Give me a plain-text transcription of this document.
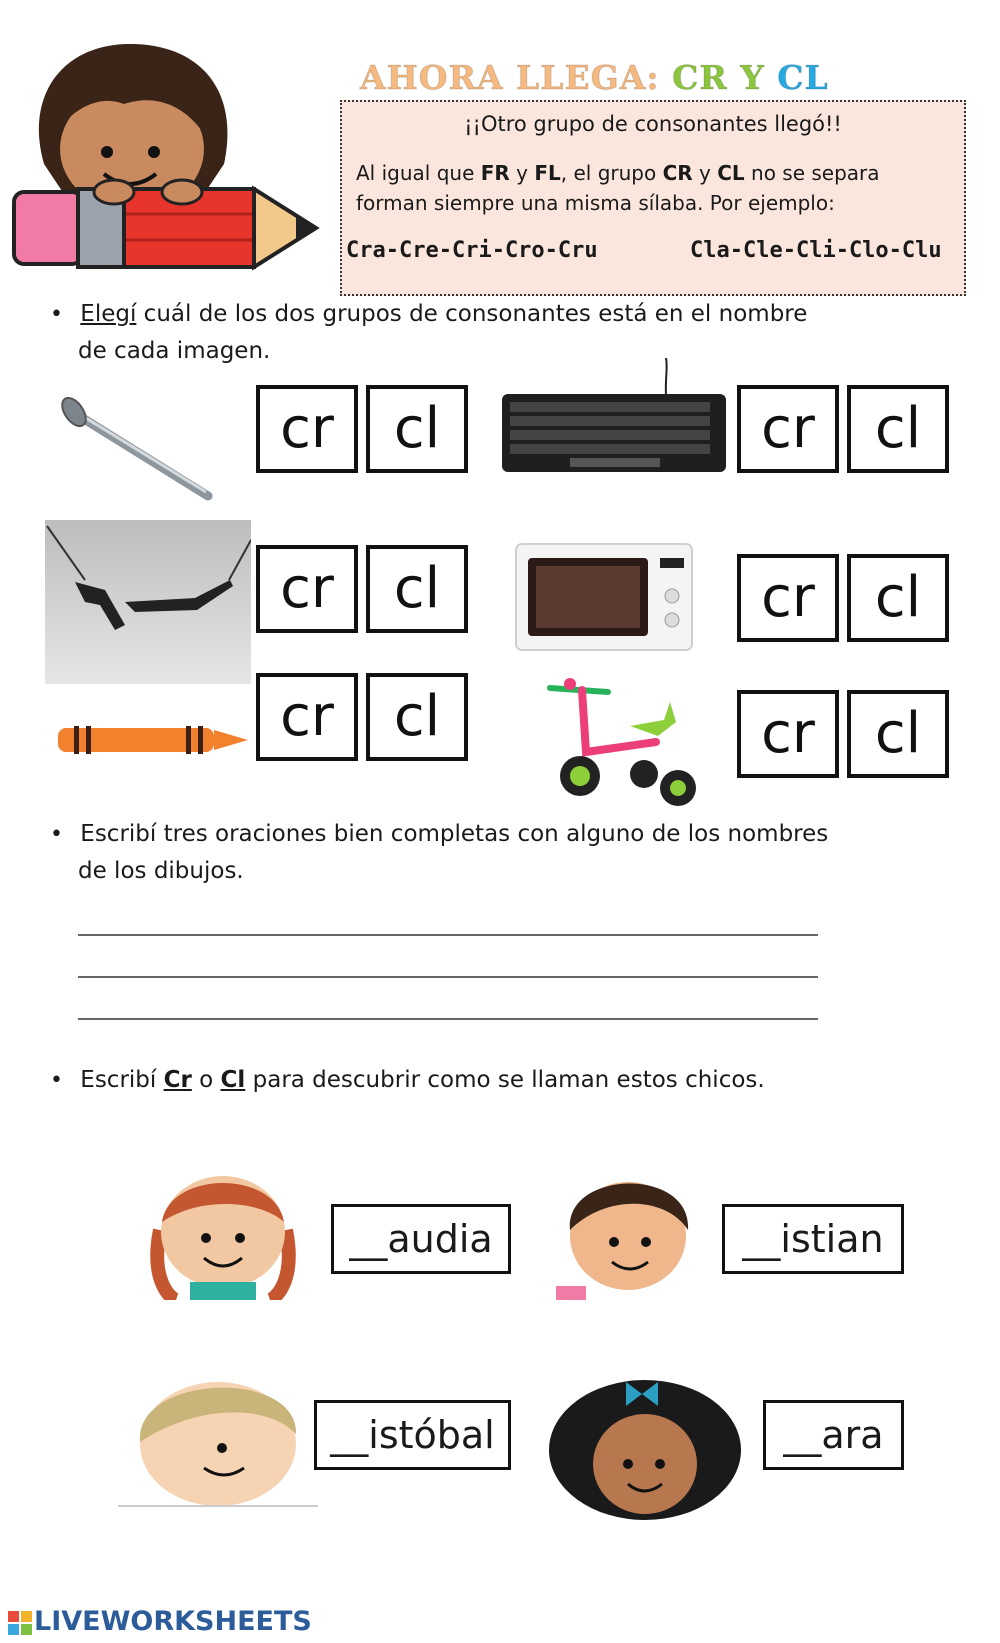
AHORA LLEGA: CR Y CL
¡¡Otro grupo de consonantes llegó!!
Al igual que FR y FL, el grupo CR y CL no se separa
forman siempre una misma sílaba. Por ejemplo:
Cra-Cre-Cri-Cro-Cru	Cla-Cle-Cli-Clo-Clu
• Elegí cuál de los dos grupos de consonantes está en el nombre
de cada imagen.
cr	cl	cr	cl
cr	cl	cr	cl
cr	cl	cr	cl
• Escribí tres oraciones bien completas con alguno de los nombres
de los dibujos.
• Escribí Cr o Cl para descubrir como se llaman estos chicos.
__audia	__istian
__istóbal	__ara
LIVEWORKSHEETS
